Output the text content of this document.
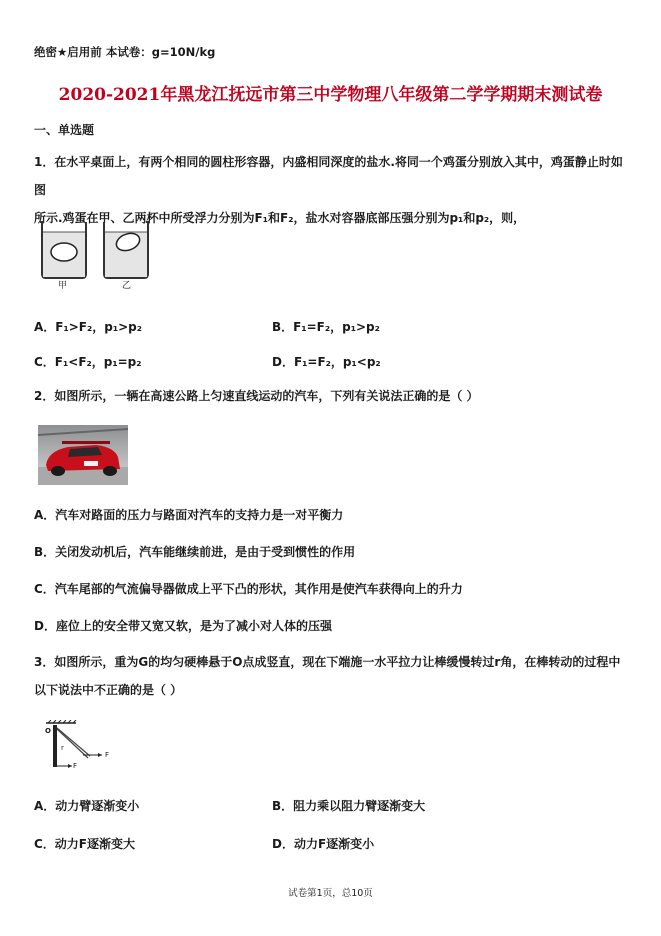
绝密★启用前 本试卷：g=10N/kg
2020-2021年黑龙江抚远市第三中学物理八年级第二学学期期末测试卷
一、单选题
1．在水平桌面上，有两个相同的圆柱形容器，内盛相同深度的盐水.将同一个鸡蛋分别放入其中，鸡蛋静止时如图
所示.鸡蛋在甲、乙两杯中所受浮力分别为F₁和F₂，盐水对容器底部压强分别为p₁和p₂，则，
甲	乙
A．F₁>F₂，p₁>p₂	B．F₁=F₂，p₁>p₂
C．F₁<F₂，p₁=p₂	D．F₁=F₂，p₁<p₂
2．如图所示，一辆在高速公路上匀速直线运动的汽车，下列有关说法正确的是（ ）
A．汽车对路面的压力与路面对汽车的支持力是一对平衡力
B．关闭发动机后，汽车能继续前进，是由于受到惯性的作用
C．汽车尾部的气流偏导器做成上平下凸的形状，其作用是使汽车获得向上的升力
D．座位上的安全带又宽又软，是为了减小对人体的压强
3．如图所示，重为G的均匀硬棒悬于O点成竖直，现在下端施一水平拉力让棒缓慢转过r角，在棒转动的过程中
以下说法中不正确的是（ ）
O
F
F
r
A．动力臂逐渐变小	B．阻力乘以阻力臂逐渐变大
C．动力F逐渐变大	D．动力F逐渐变小
试卷第1页，总10页
